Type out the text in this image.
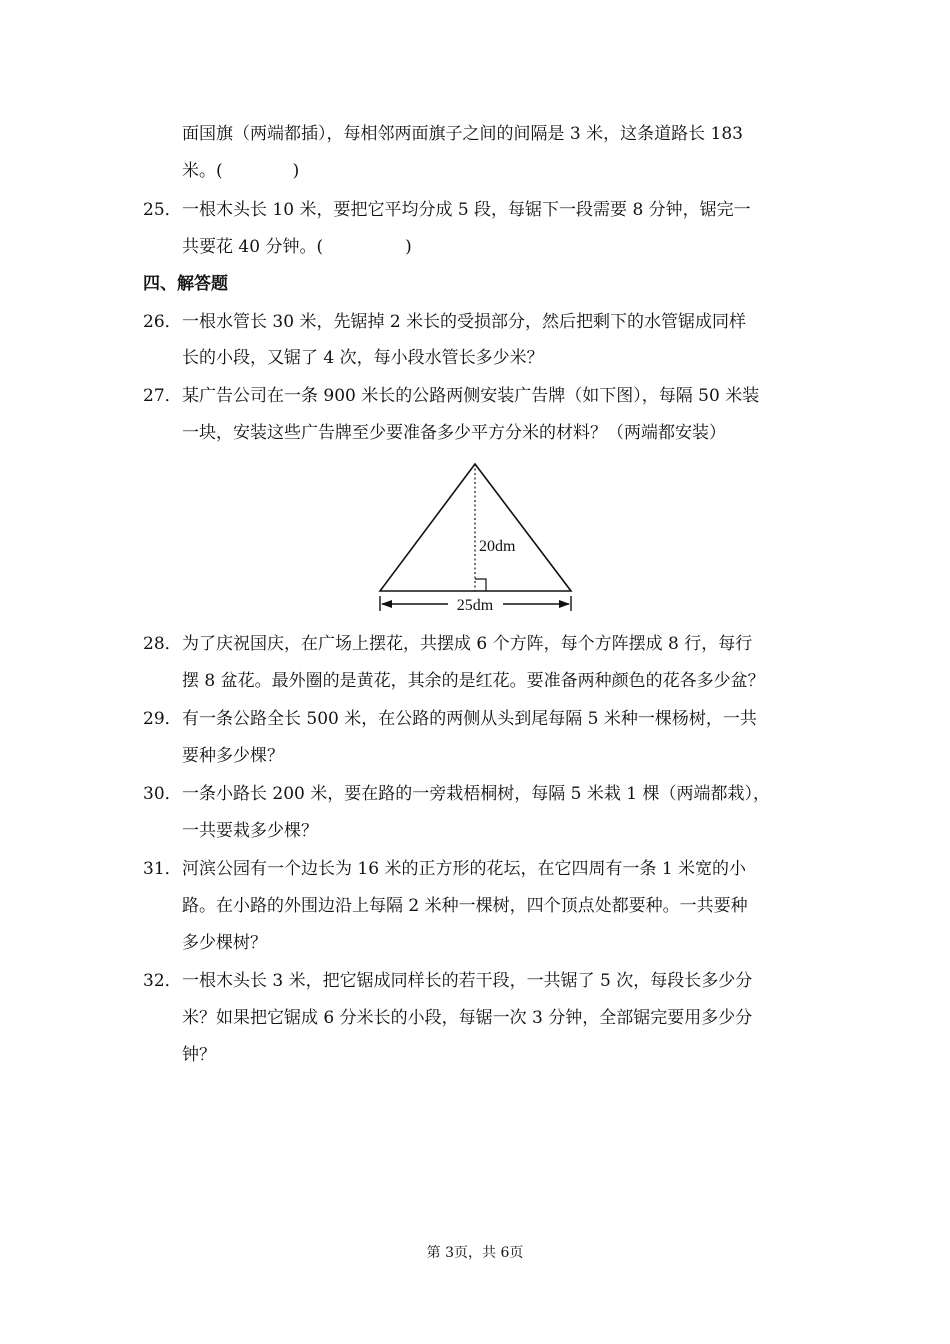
面国旗（两端都插），每相邻两面旗子之间的间隔是 3 米，这条道路长 183
米。(	)
25． 一根木头长 10 米，要把它平均分成 5 段，每锯下一段需要 8 分钟，锯完一
共要花 40 分钟。(	)
四、解答题
26． 一根水管长 30 米，先锯掉 2 米长的受损部分，然后把剩下的水管锯成同样
长的小段，又锯了 4 次，每小段水管长多少米？
27． 某广告公司在一条 900 米长的公路两侧安装广告牌（如下图），每隔 50 米装
一块，安装这些广告牌至少要准备多少平方分米的材料？（两端都安装）
20dm
25dm
28． 为了庆祝国庆，在广场上摆花，共摆成 6 个方阵，每个方阵摆成 8 行，每行
摆 8 盆花。最外圈的是黄花，其余的是红花。要准备两种颜色的花各多少盆？
29． 有一条公路全长 500 米，在公路的两侧从头到尾每隔 5 米种一棵杨树，一共
要种多少棵？
30． 一条小路长 200 米，要在路的一旁栽梧桐树，每隔 5 米栽 1 棵（两端都栽），
一共要栽多少棵？
31． 河滨公园有一个边长为 16 米的正方形的花坛，在它四周有一条 1 米宽的小
路。在小路的外围边沿上每隔 2 米种一棵树，四个顶点处都要种。一共要种
多少棵树？
32． 一根木头长 3 米，把它锯成同样长的若干段，一共锯了 5 次，每段长多少分
米？如果把它锯成 6 分米长的小段，每锯一次 3 分钟，全部锯完要用多少分
钟？
第 3页，共 6页
